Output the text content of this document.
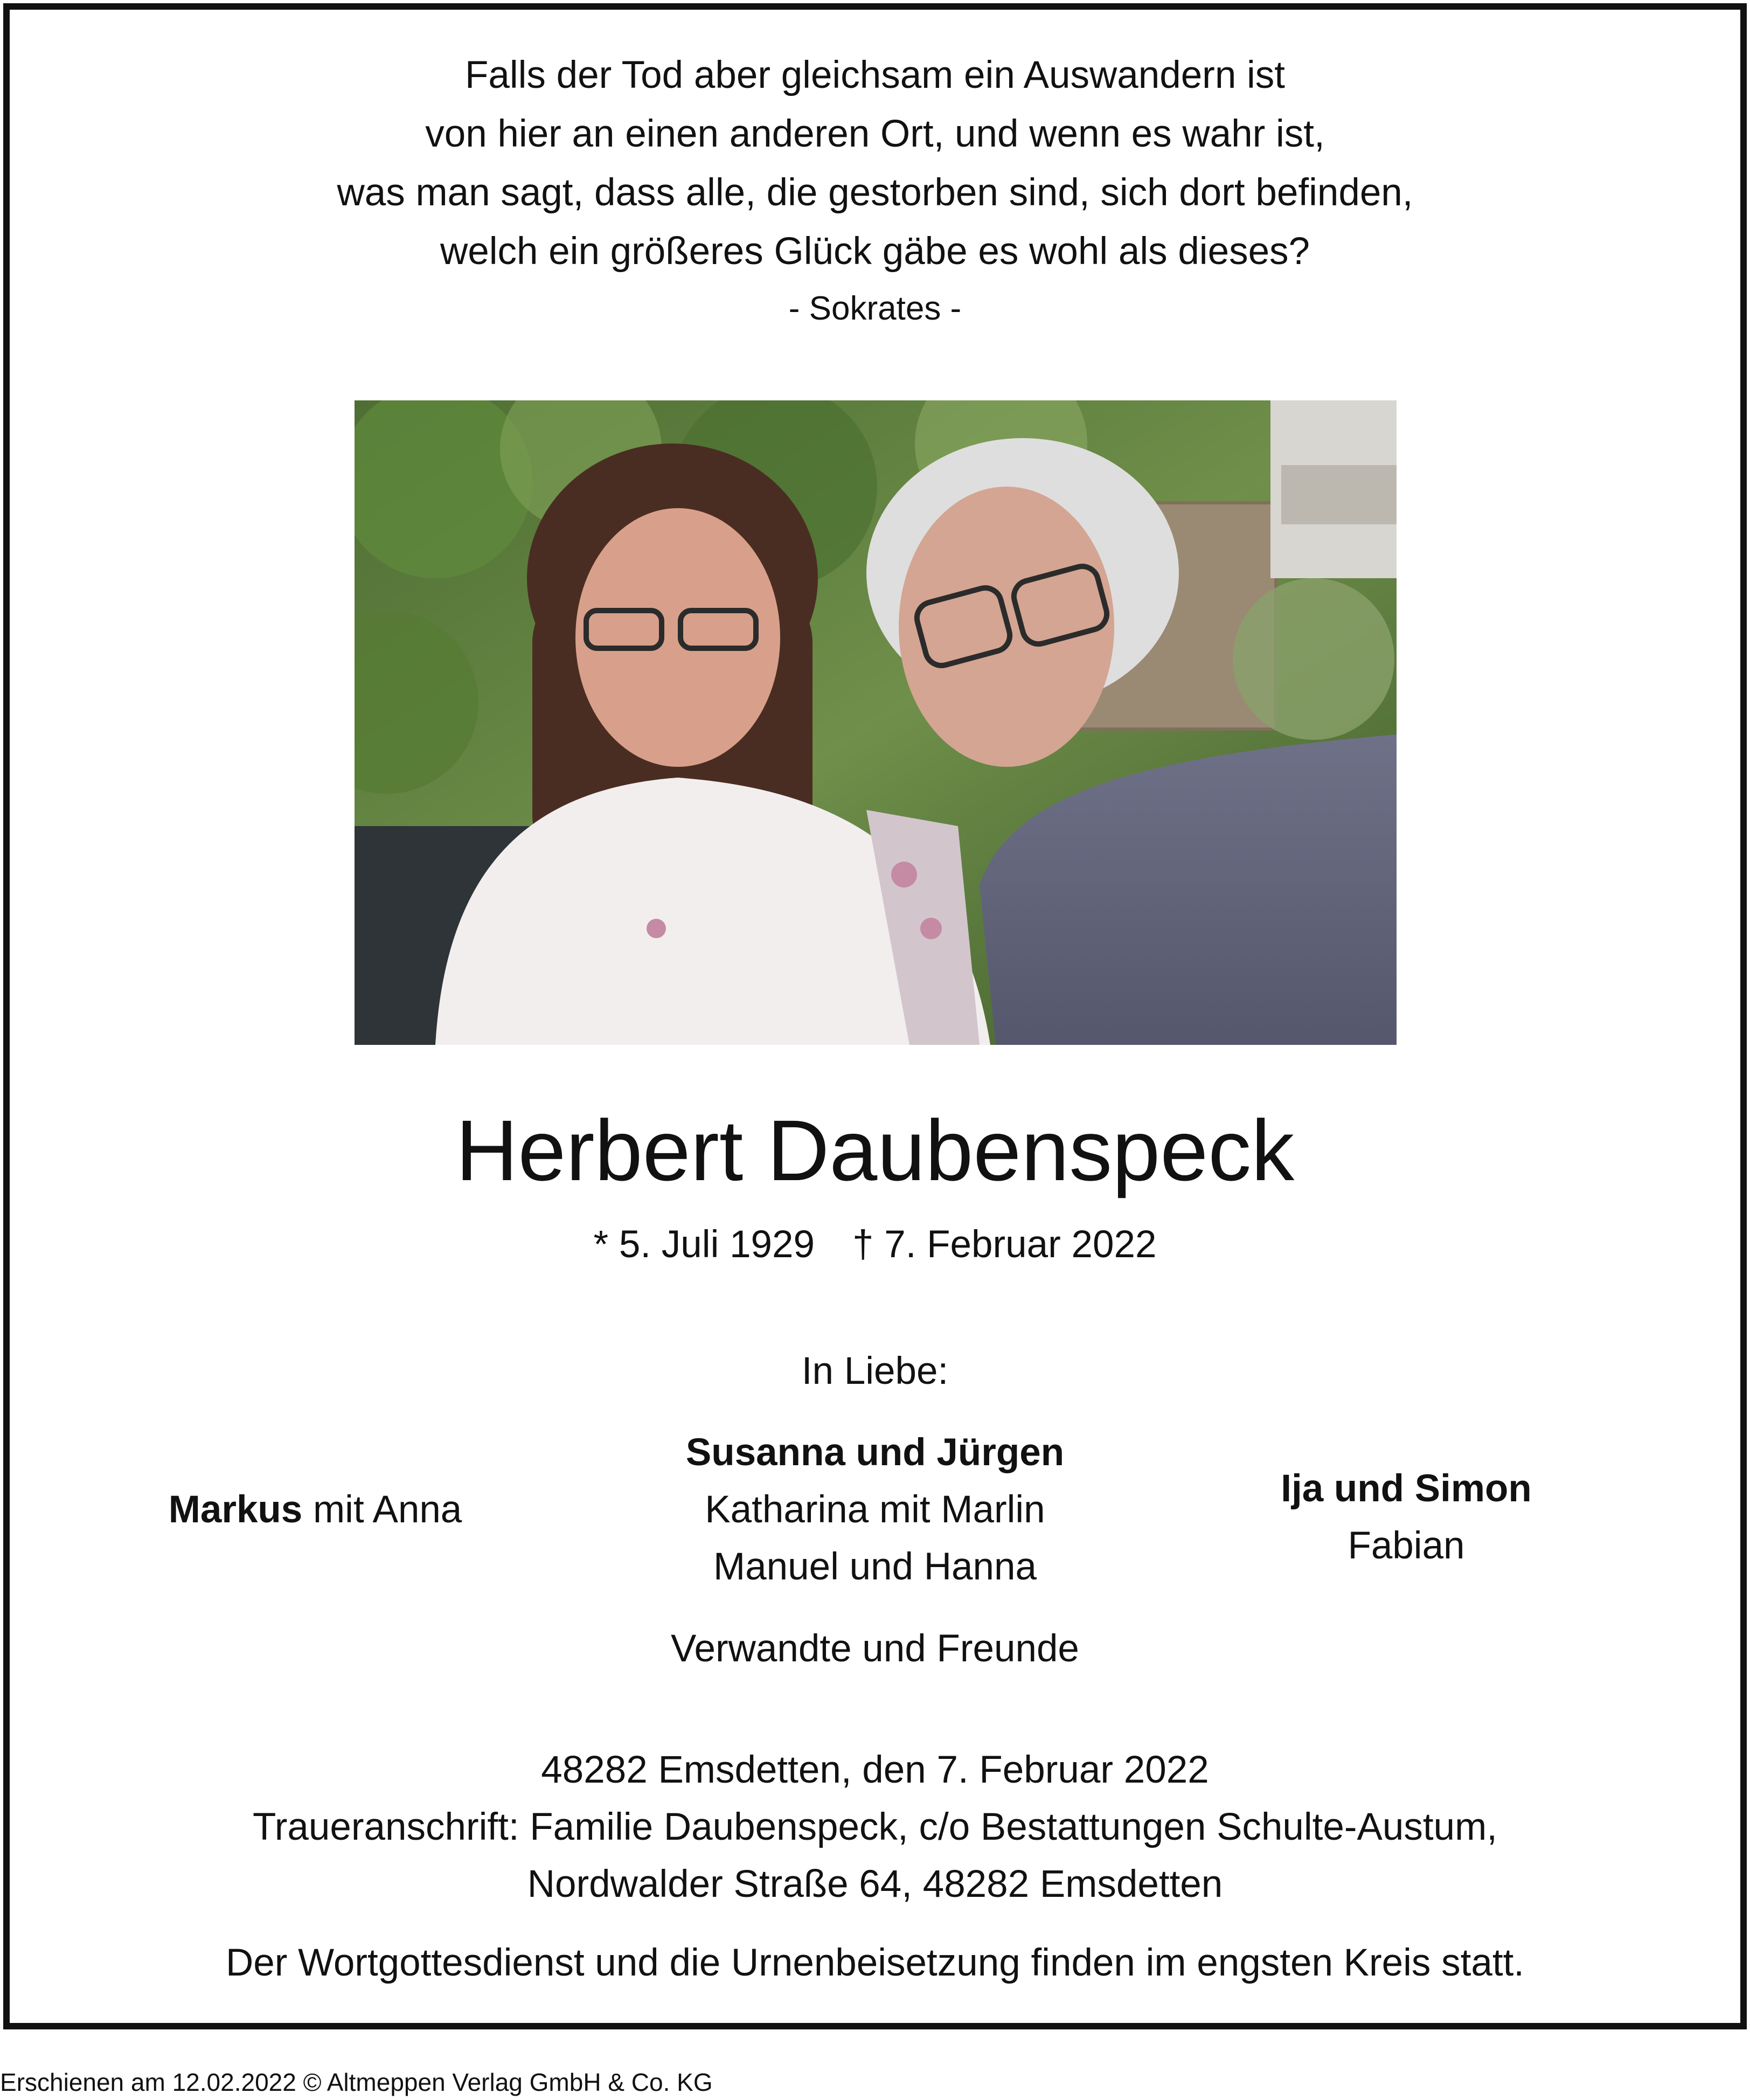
Falls der Tod aber gleichsam ein Auswandern ist
von hier an einen anderen Ort, und wenn es wahr ist,
was man sagt, dass alle, die gestorben sind, sich dort befinden,
welch ein größeres Glück gäbe es wohl als dieses?
- Sokrates -
Herbert Daubenspeck
* 5. Juli 1929 † 7. Februar 2022
In Liebe:
Markus mit Anna
Susanna und Jürgen
Katharina mit Marlin
Manuel und Hanna
Ija und Simon
Fabian
Verwandte und Freunde
48282 Emsdetten, den 7. Februar 2022
Traueranschrift: Familie Daubenspeck, c/o Bestattungen Schulte-Austum,
Nordwalder Straße 64, 48282 Emsdetten
Der Wortgottesdienst und die Urnenbeisetzung finden im engsten Kreis statt.
Erschienen am 12.02.2022 © Altmeppen Verlag GmbH & Co. KG
